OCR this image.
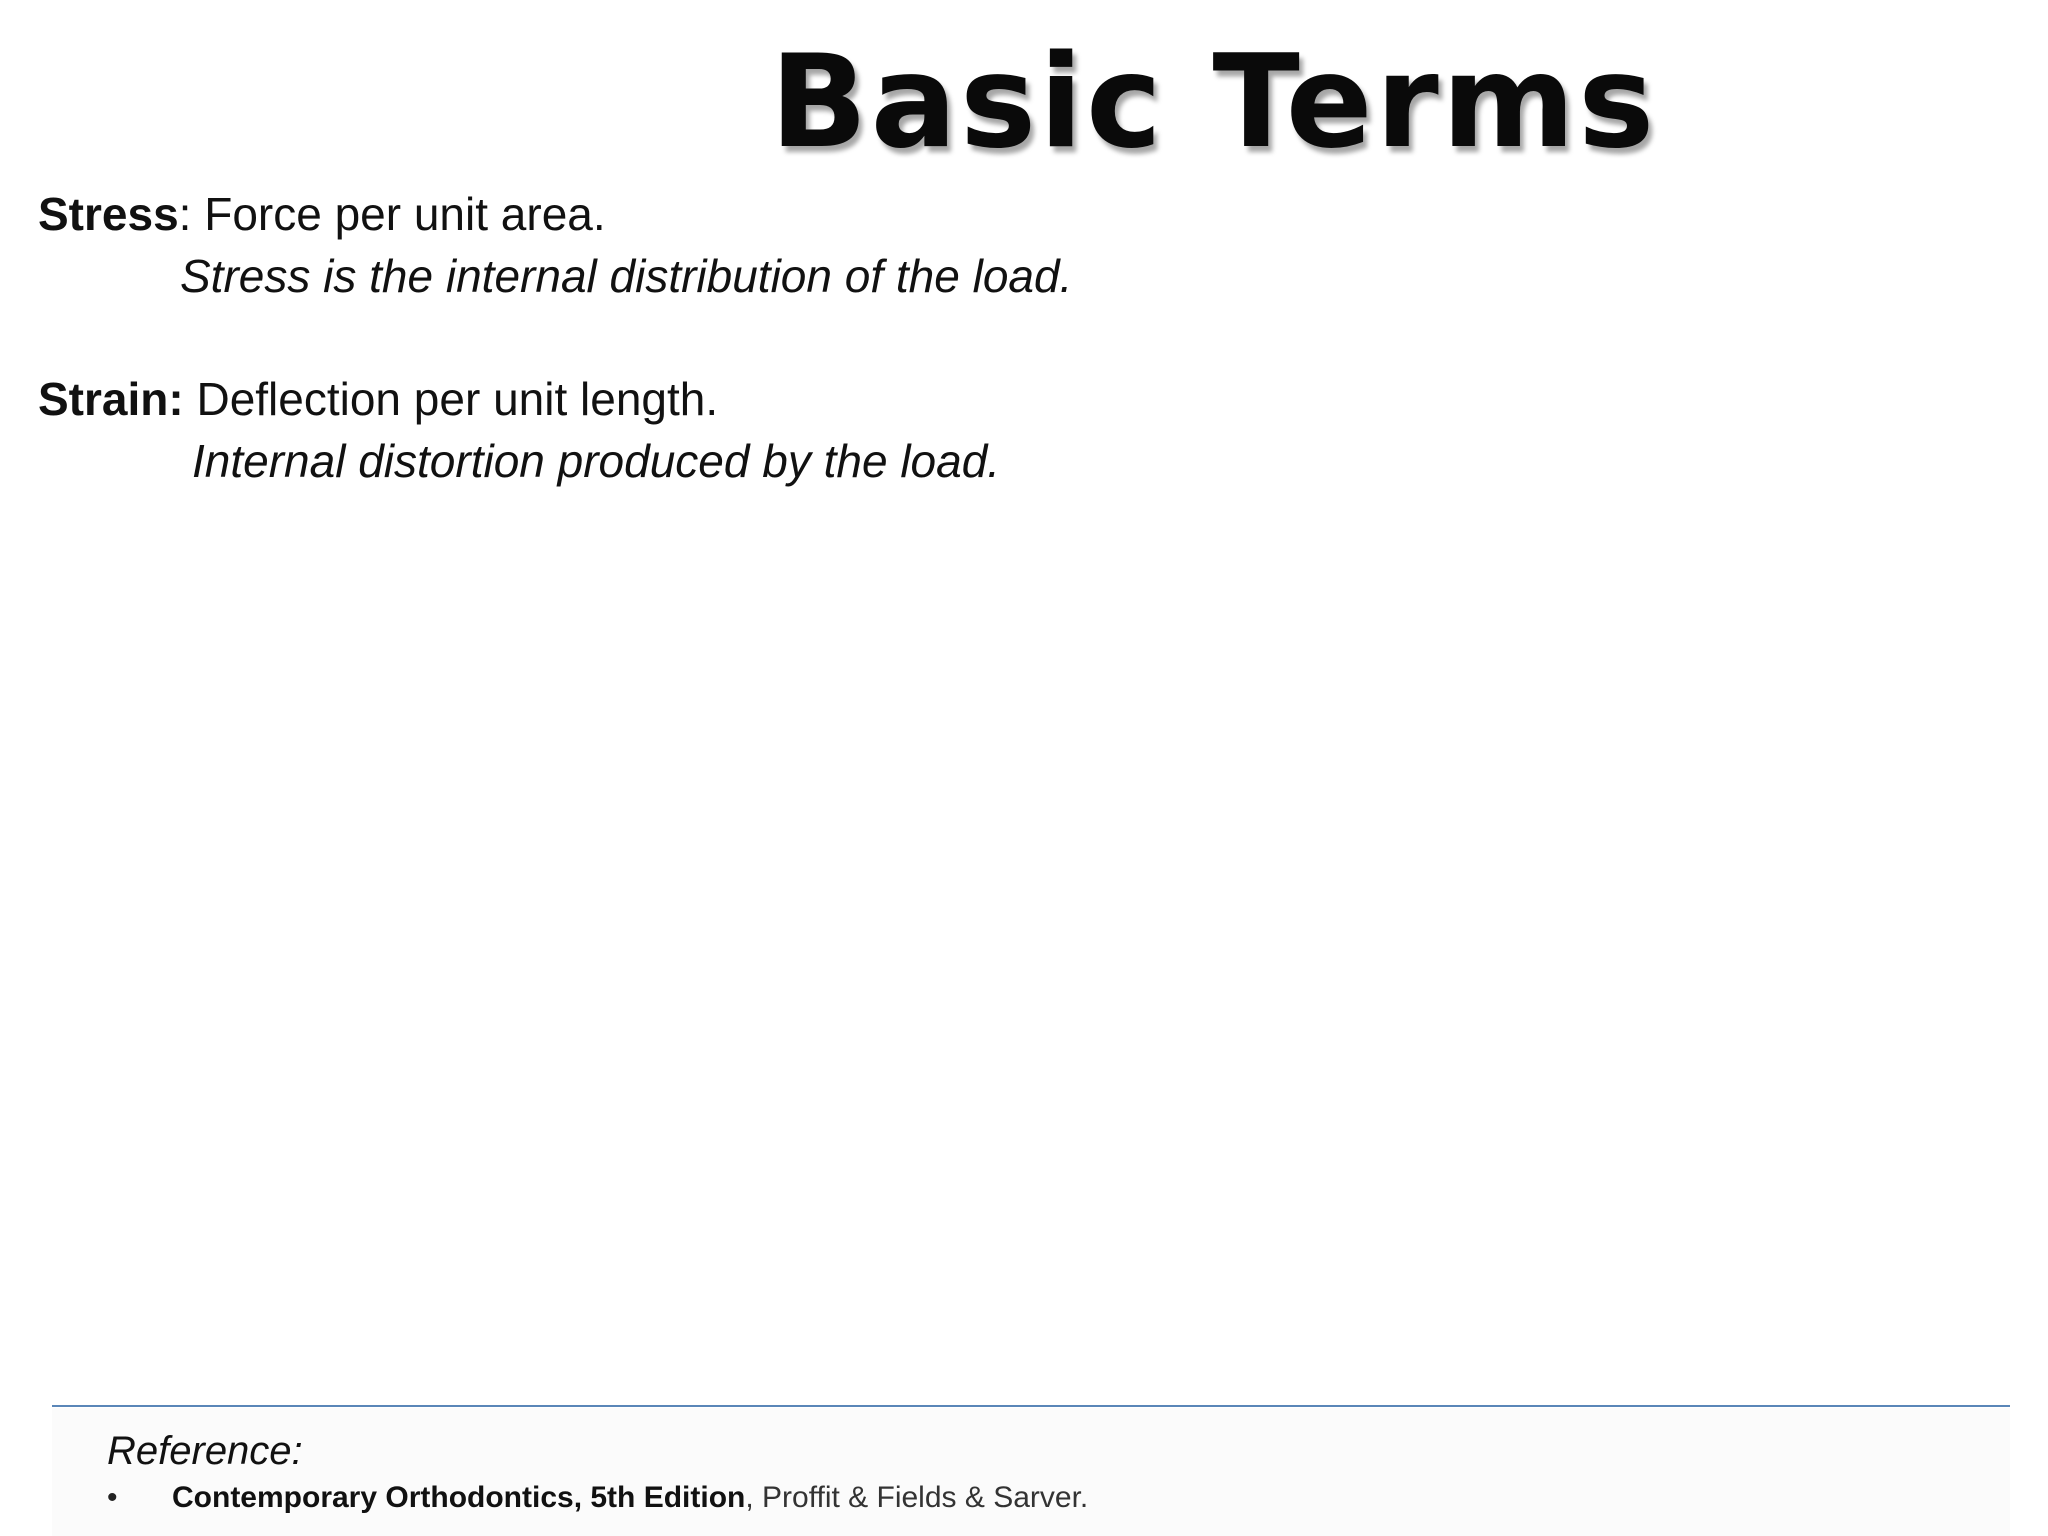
Basic Terms
Stress: Force per unit area.
Stress is the internal distribution of the load.
Strain: Deflection per unit length.
Internal distortion produced by the load.
Reference:
• Contemporary Orthodontics, 5th Edition, Proffit & Fields & Sarver.
